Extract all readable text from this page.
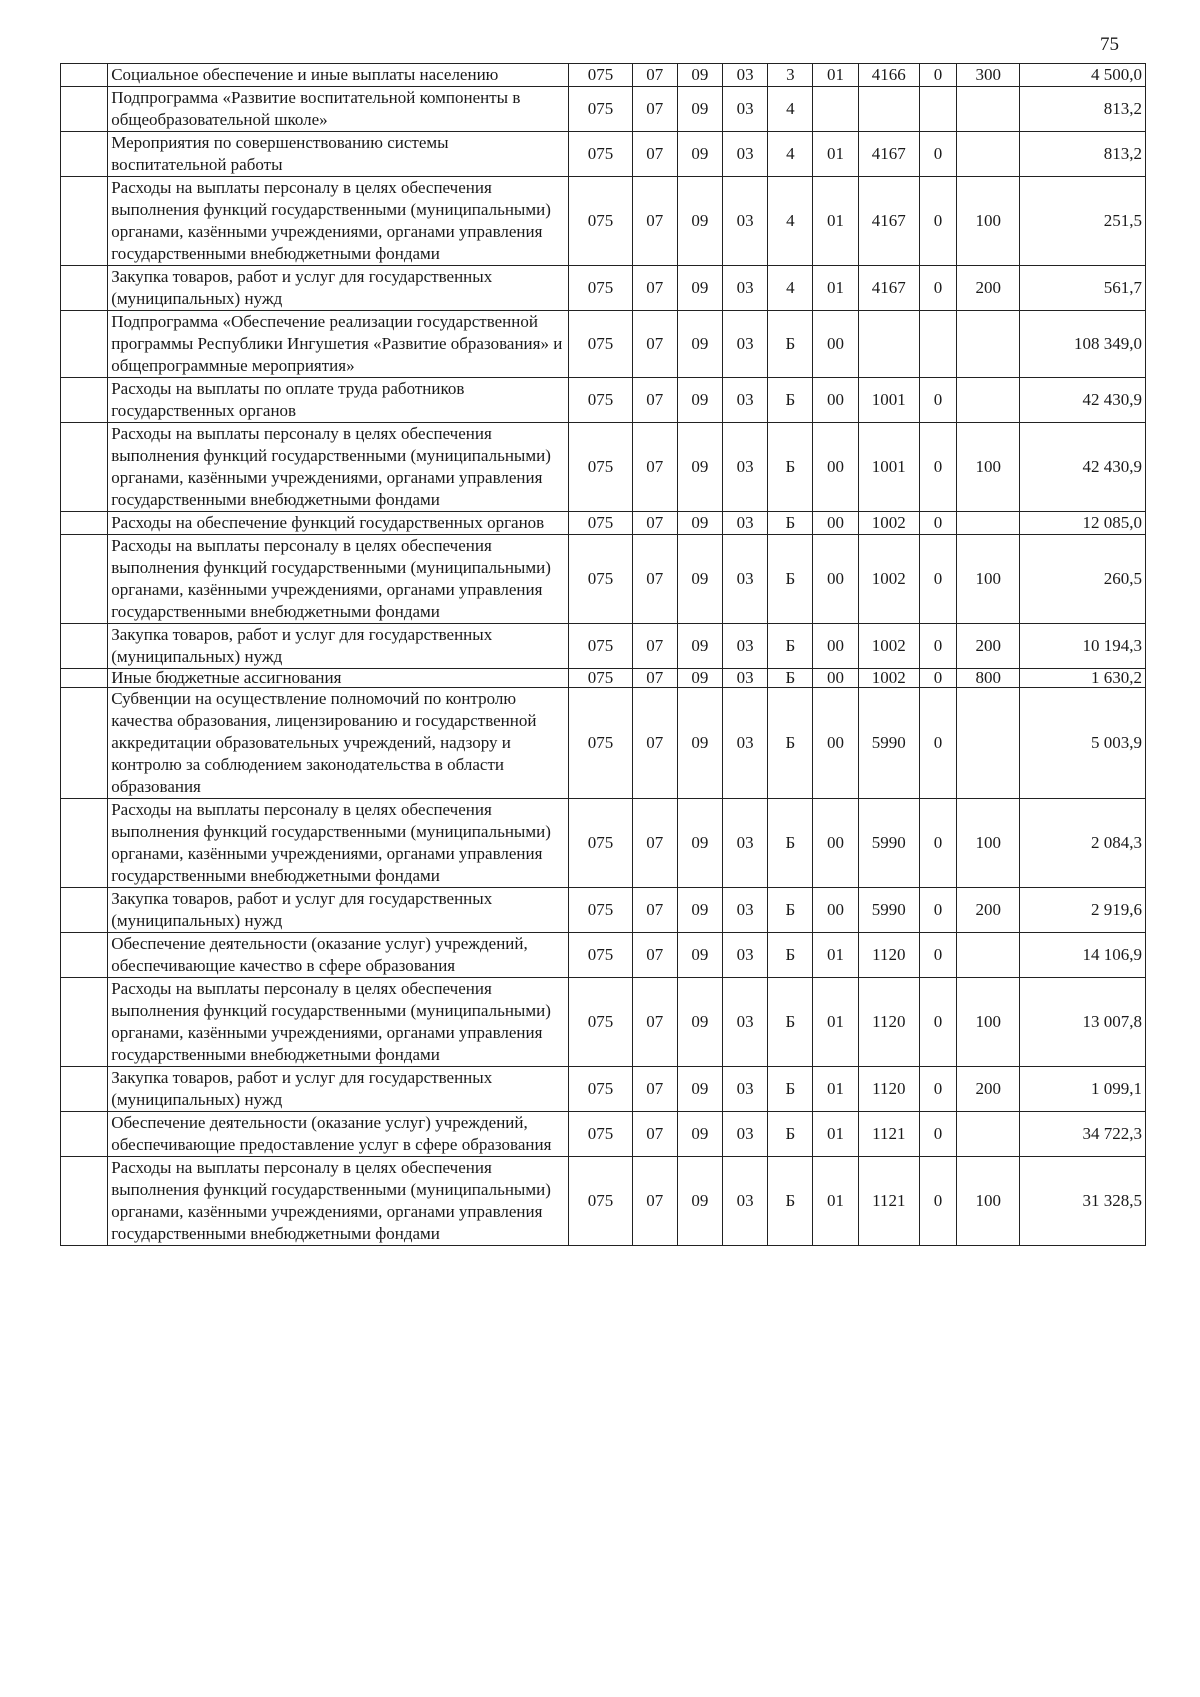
75
	Социальное обеспечение и иные выплаты населению	075	07	09	03	3	01	4166	0	300	4 500,0
	Подпрограмма «Развитие воспитательной компоненты в общеобразовательной школе»	075	07	09	03	4					813,2
	Мероприятия по совершенствованию системы воспитательной работы	075	07	09	03	4	01	4167	0		813,2
	Расходы на выплаты персоналу в целях обеспечения выполнения функций государственными (муниципальными) органами, казёнными учреждениями, органами управления государственными внебюджетными фондами	075	07	09	03	4	01	4167	0	100	251,5
	Закупка товаров, работ и услуг для государственных (муниципальных) нужд	075	07	09	03	4	01	4167	0	200	561,7
	Подпрограмма «Обеспечение реализации государственной программы Республики Ингушетия «Развитие образования» и общепрограммные мероприятия»	075	07	09	03	Б	00				108 349,0
	Расходы на выплаты по оплате труда работников государственных органов	075	07	09	03	Б	00	1001	0		42 430,9
	Расходы на выплаты персоналу в целях обеспечения выполнения функций государственными (муниципальными) органами, казёнными учреждениями, органами управления государственными внебюджетными фондами	075	07	09	03	Б	00	1001	0	100	42 430,9
	Расходы на обеспечение функций государственных органов	075	07	09	03	Б	00	1002	0		12 085,0
	Расходы на выплаты персоналу в целях обеспечения выполнения функций государственными (муниципальными) органами, казёнными учреждениями, органами управления государственными внебюджетными фондами	075	07	09	03	Б	00	1002	0	100	260,5
	Закупка товаров, работ и услуг для государственных (муниципальных) нужд	075	07	09	03	Б	00	1002	0	200	10 194,3
	Иные бюджетные ассигнования	075	07	09	03	Б	00	1002	0	800	1 630,2
	Субвенции на осуществление полномочий по контролю качества образования, лицензированию и государственной аккредитации образовательных учреждений, надзору и контролю за соблюдением законодательства в области образования	075	07	09	03	Б	00	5990	0		5 003,9
	Расходы на выплаты персоналу в целях обеспечения выполнения функций государственными (муниципальными) органами, казёнными учреждениями, органами управления государственными внебюджетными фондами	075	07	09	03	Б	00	5990	0	100	2 084,3
	Закупка товаров, работ и услуг для государственных (муниципальных) нужд	075	07	09	03	Б	00	5990	0	200	2 919,6
	Обеспечение деятельности (оказание услуг) учреждений, обеспечивающие качество в сфере образования	075	07	09	03	Б	01	1120	0		14 106,9
	Расходы на выплаты персоналу в целях обеспечения выполнения функций государственными (муниципальными) органами, казёнными учреждениями, органами управления государственными внебюджетными фондами	075	07	09	03	Б	01	1120	0	100	13 007,8
	Закупка товаров, работ и услуг для государственных (муниципальных) нужд	075	07	09	03	Б	01	1120	0	200	1 099,1
	Обеспечение деятельности (оказание услуг) учреждений, обеспечивающие предоставление услуг в сфере образования	075	07	09	03	Б	01	1121	0		34 722,3
	Расходы на выплаты персоналу в целях обеспечения выполнения функций государственными (муниципальными) органами, казёнными учреждениями, органами управления государственными внебюджетными фондами	075	07	09	03	Б	01	1121	0	100	31 328,5
